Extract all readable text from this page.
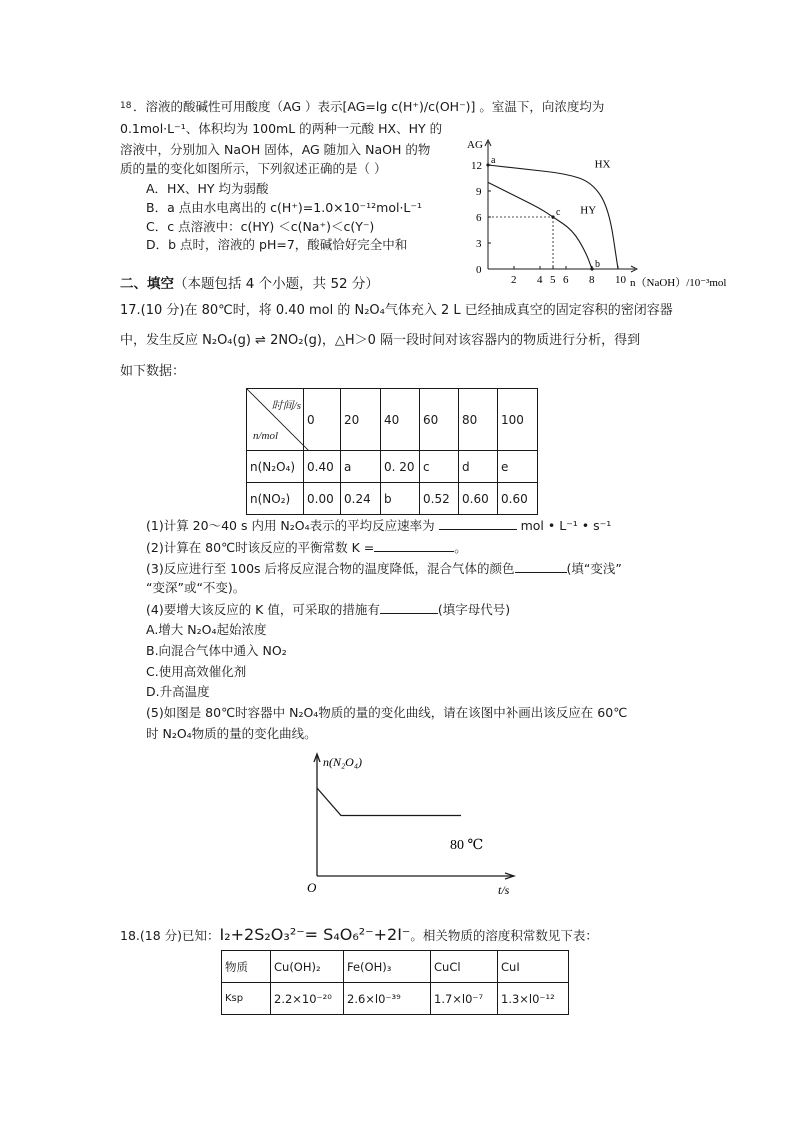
18 ．溶液的酸碱性可用酸度（AG ）表示[AG=lg c(H⁺)/c(OH⁻)] 。室温下，向浓度均为
0.1mol·L⁻¹、体积均为 100mL 的两种一元酸 HX、HY 的
溶液中，分别加入 NaOH 固体，AG 随加入 NaOH 的物
质的量的变化如图所示，下列叙述正确的是（ ）
A．HX、HY 均为弱酸
B．a 点由水电离出的 c(H⁺)=1.0×10⁻¹²mol·L⁻¹
C．c 点溶液中：c(HY) ＜c(Na⁺)＜c(Y⁻)
D．b 点时，溶液的 pH=7，酸碱恰好完全中和
2 4 5 6 8 10
12
9
6
3
HX
HY
a
c
b
AG
n（NaOH）/10⁻³mol
0
二、填空（本题包括 4 个小题，共 52 分）
17.(10 分)在 80℃时，将 0.40 mol 的 N₂O₄气体充入 2 L 已经抽成真空的固定容积的密闭容器
中，发生反应 N₂O₄(g) ⇌ 2NO₂(g)，△H＞0 隔一段时间对该容器内的物质进行分析，得到
如下数据：
时间/s
n/mol	0	20	40	60	80	100
n(N₂O₄)	0.40	a	0. 20	c	d	e
n(NO₂)	0.00	0.24	b	0.52	0.60	0.60
(1)计算 20～40 s 内用 N₂O₄表示的平均反应速率为	mol • L⁻¹ • s⁻¹
(2)计算在 80℃时该反应的平衡常数 K =	。
(3)反应进行至 100s 后将反应混合物的温度降低，混合气体的颜色	(填“变浅”
“变深”或“不变)。
(4)要增大该反应的 K 值，可采取的措施有	(填字母代号)
A.增大 N₂O₄起始浓度
B.向混合气体中通入 NO₂
C.使用高效催化剂
D.升高温度
(5)如图是 80℃时容器中 N₂O₄物质的量的变化曲线，请在该图中补画出该反应在 60℃
时 N₂O₄物质的量的变化曲线。
n(N₂O₄)
t/s
O
80 ℃
18.(18 分)已知：I₂+2S₂O₃²⁻= S₄O₆²⁻+2I⁻。相关物质的溶度积常数见下表：
物质	Cu(OH)₂	Fe(OH)₃	CuCl	CuI
Ksp	2.2×10⁻²⁰	2.6×l0⁻³⁹	1.7×l0⁻⁷	1.3×l0⁻¹²
